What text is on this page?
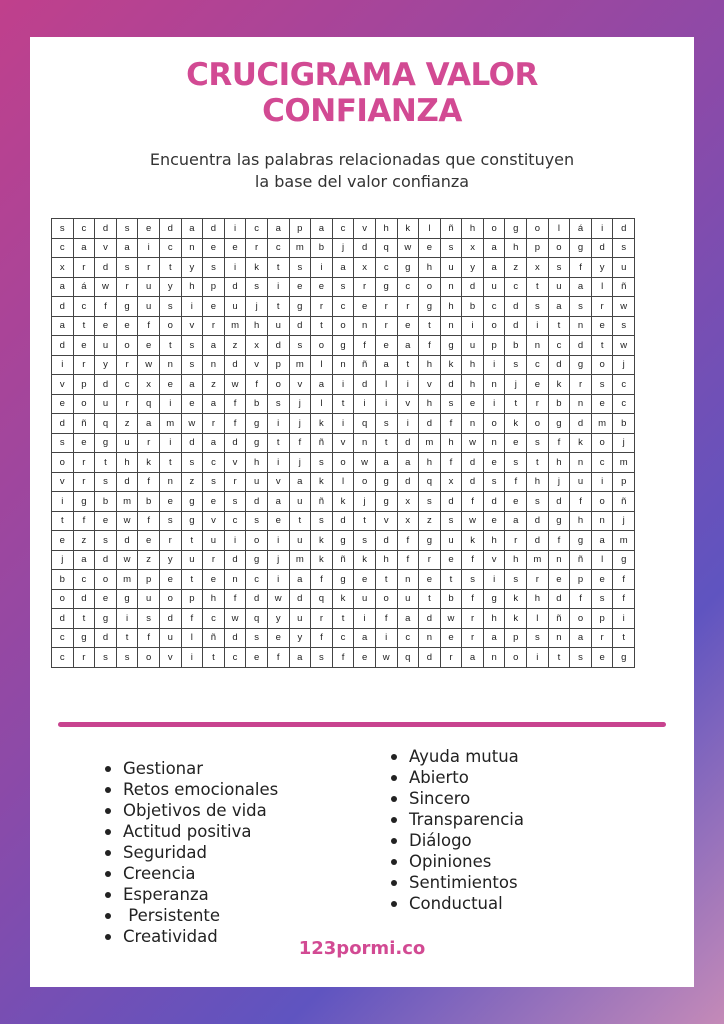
CRUCIGRAMA VALOR
CONFIANZA
Encuentra las palabras relacionadas que constituyen
la base del valor confianza
s	c	d	s	e	d	a	d	i	c	a	p	a	c	v	h	k	l	ñ	h	o	g	o	l	á	i	d
c	a	v	a	i	c	n	e	e	r	c	m	b	j	d	q	w	e	s	x	a	h	p	o	g	d	s
x	r	d	s	r	t	y	s	i	k	t	s	i	a	x	c	g	h	u	y	a	z	x	s	f	y	u
a	á	w	r	u	y	h	p	d	s	i	e	e	s	r	g	c	o	n	d	u	c	t	u	a	l	ñ
d	c	f	g	u	s	i	e	u	j	t	g	r	c	e	r	r	g	h	b	c	d	s	a	s	r	w
a	t	e	e	f	o	v	r	m	h	u	d	t	o	n	r	e	t	n	i	o	d	i	t	n	e	s
d	e	u	o	e	t	s	a	z	x	d	s	o	g	f	e	a	f	g	u	p	b	n	c	d	t	w
i	r	y	r	w	n	s	n	d	v	p	m	l	n	ñ	a	t	h	k	h	i	s	c	d	g	o	j
v	p	d	c	x	e	a	z	w	f	o	v	a	i	d	l	i	v	d	h	n	j	e	k	r	s	c
e	o	u	r	q	i	e	a	f	b	s	j	l	t	i	i	v	h	s	e	i	t	r	b	n	e	c
d	ñ	q	z	a	m	w	r	f	g	i	j	k	i	q	s	i	d	f	n	o	k	o	g	d	m	b
s	e	g	u	r	i	d	a	d	g	t	f	ñ	v	n	t	d	m	h	w	n	e	s	f	k	o	j
o	r	t	h	k	t	s	c	v	h	i	j	s	o	w	a	a	h	f	d	e	s	t	h	n	c	m
v	r	s	d	f	n	z	s	r	u	v	a	k	l	o	g	d	q	x	d	s	f	h	j	u	i	p
i	g	b	m	b	e	g	e	s	d	a	u	ñ	k	j	g	x	s	d	f	d	e	s	d	f	o	ñ
t	f	e	w	f	s	g	v	c	s	e	t	s	d	t	v	x	z	s	w	e	a	d	g	h	n	j
e	z	s	d	e	r	t	u	i	o	i	u	k	g	s	d	f	g	u	k	h	r	d	f	g	a	m
j	a	d	w	z	y	u	r	d	g	j	m	k	ñ	k	h	f	r	e	f	v	h	m	n	ñ	l	g
b	c	o	m	p	e	t	e	n	c	i	a	f	g	e	t	n	e	t	s	i	s	r	e	p	e	f
o	d	e	g	u	o	p	h	f	d	w	d	q	k	u	o	u	t	b	f	g	k	h	d	f	s	f
d	t	g	i	s	d	f	c	w	q	y	u	r	t	i	f	a	d	w	r	h	k	l	ñ	o	p	i
c	g	d	t	f	u	l	ñ	d	s	e	y	f	c	a	i	c	n	e	r	a	p	s	n	a	r	t
c	r	s	s	o	v	i	t	c	e	f	a	s	f	e	w	q	d	r	a	n	o	i	t	s	e	g
Gestionar
Retos emocionales
Objetivos de vida
Actitud positiva
Seguridad
Creencia
Esperanza
Persistente
Creatividad
Ayuda mutua
Abierto
Sincero
Transparencia
Diálogo
Opiniones
Sentimientos
Conductual
123pormi.co
